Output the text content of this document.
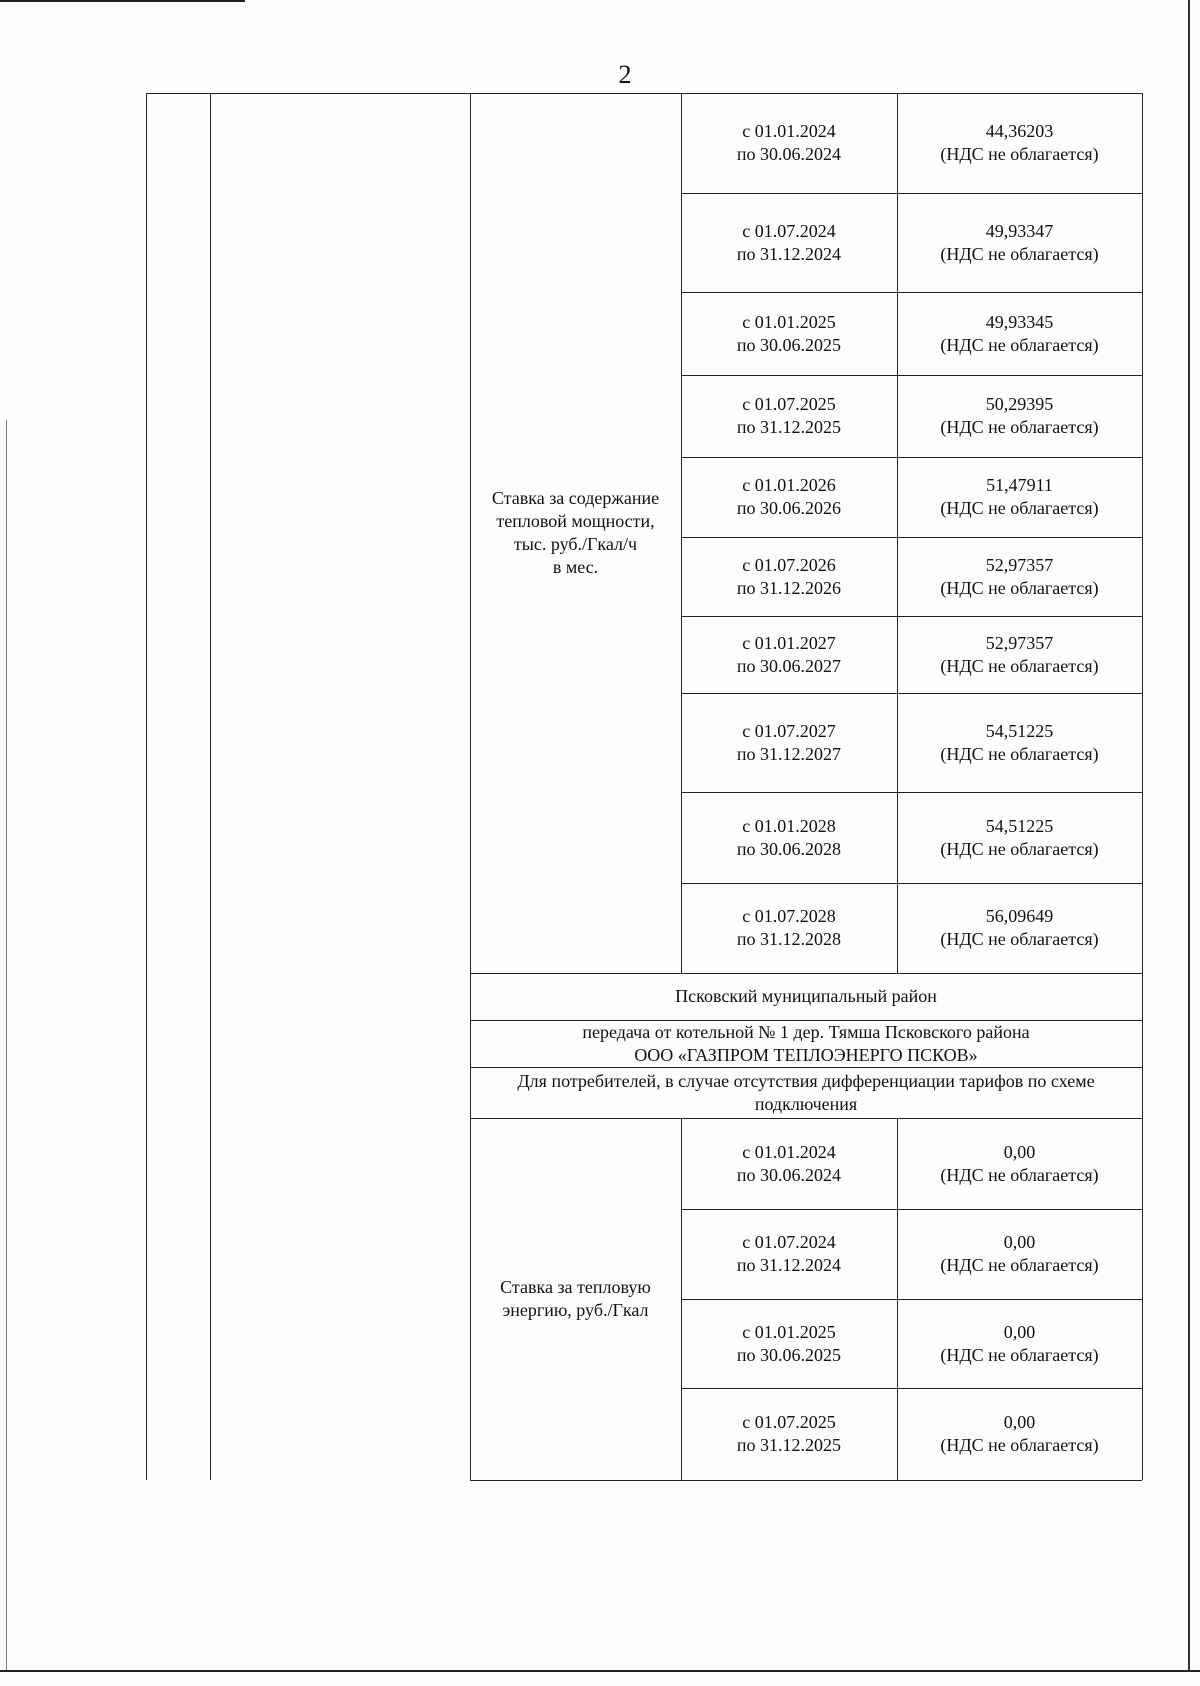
2
Ставка за содержание
тепловой мощности,
тыс. руб./Гкал/ч
в мес.
с 01.01.2024
по 30.06.2024
44,36203
(НДС не облагается)
с 01.07.2024
по 31.12.2024
49,93347
(НДС не облагается)
с 01.01.2025
по 30.06.2025
49,93345
(НДС не облагается)
с 01.07.2025
по 31.12.2025
50,29395
(НДС не облагается)
с 01.01.2026
по 30.06.2026
51,47911
(НДС не облагается)
с 01.07.2026
по 31.12.2026
52,97357
(НДС не облагается)
с 01.01.2027
по 30.06.2027
52,97357
(НДС не облагается)
с 01.07.2027
по 31.12.2027
54,51225
(НДС не облагается)
с 01.01.2028
по 30.06.2028
54,51225
(НДС не облагается)
с 01.07.2028
по 31.12.2028
56,09649
(НДС не облагается)
Псковский муниципальный район
передача от котельной № 1 дер. Тямша Псковского района
ООО «ГАЗПРОМ ТЕПЛОЭНЕРГО ПСКОВ»
Для потребителей, в случае отсутствия дифференциации тарифов по схеме
подключения
Ставка за тепловую
энергию, руб./Гкал
с 01.01.2024
по 30.06.2024
0,00
(НДС не облагается)
с 01.07.2024
по 31.12.2024
0,00
(НДС не облагается)
с 01.01.2025
по 30.06.2025
0,00
(НДС не облагается)
с 01.07.2025
по 31.12.2025
0,00
(НДС не облагается)
